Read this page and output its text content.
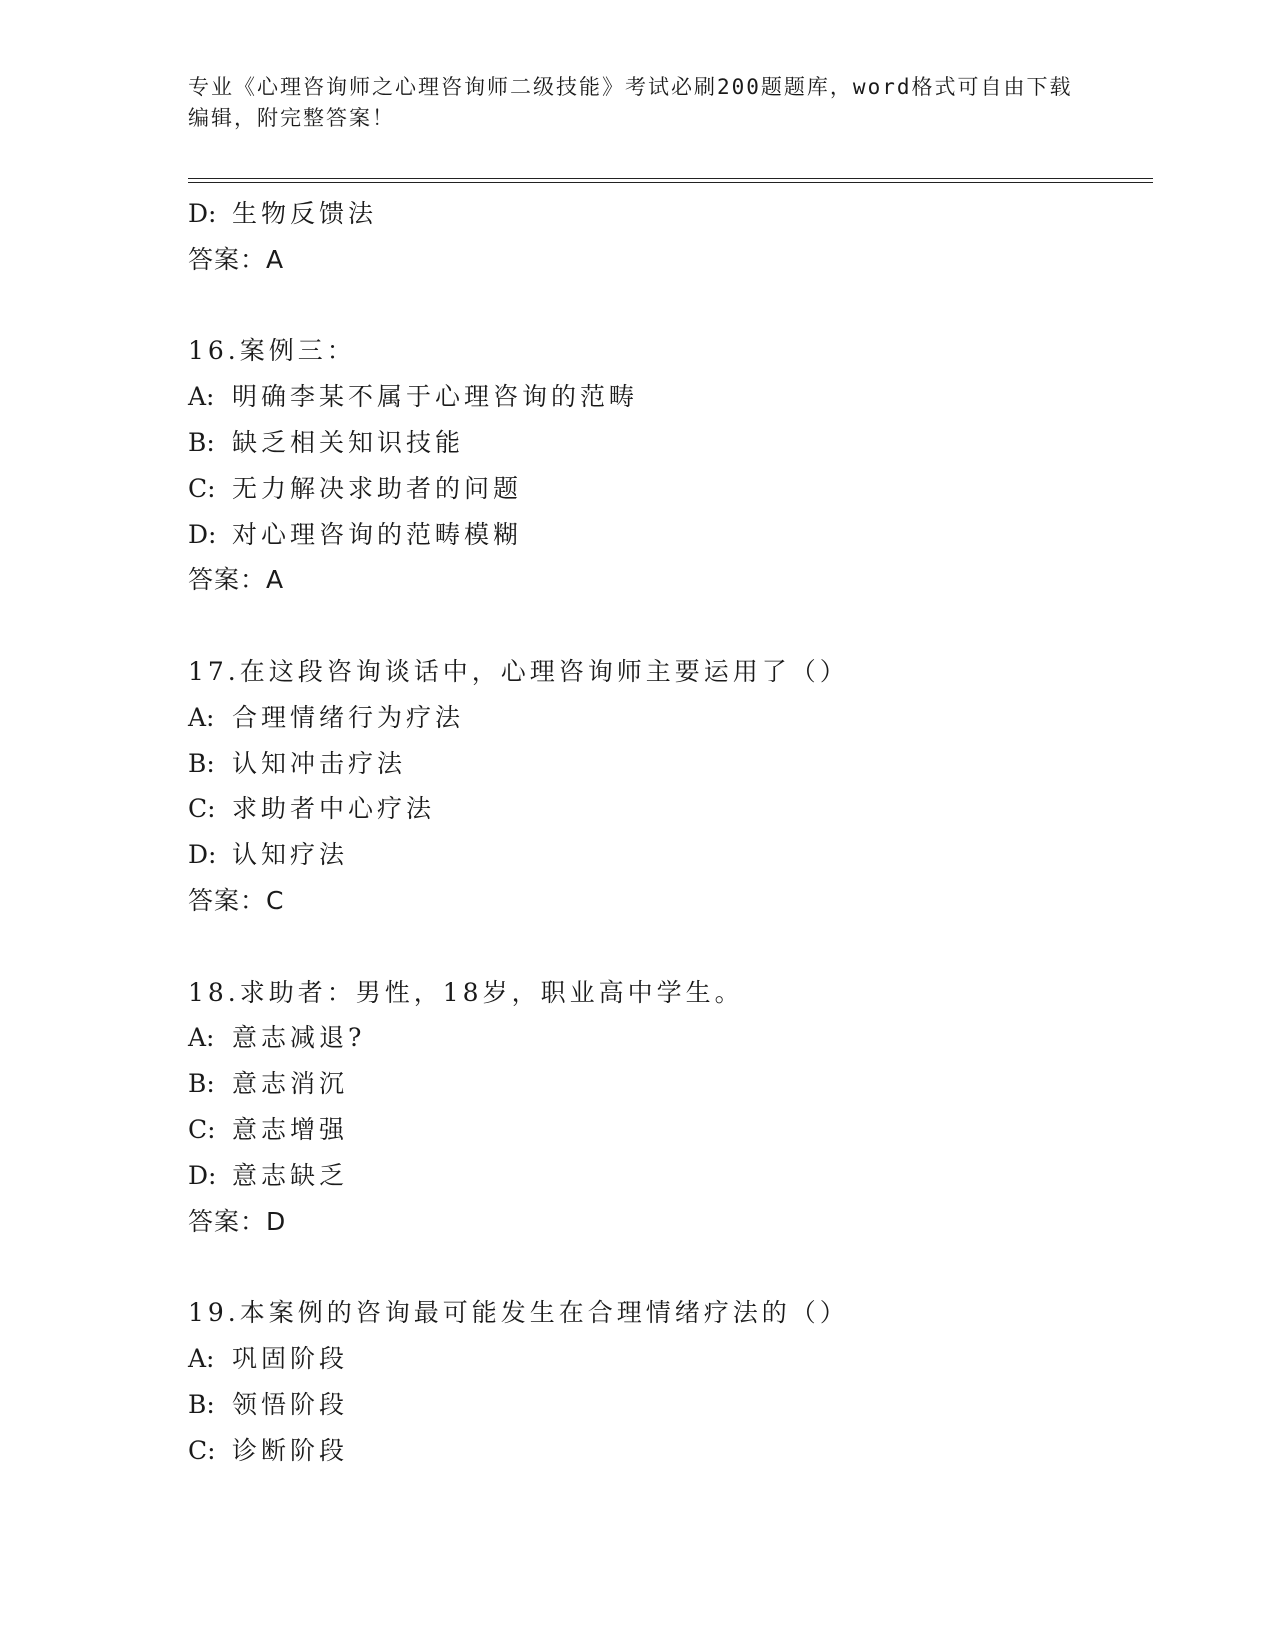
专业《心理咨询师之心理咨询师二级技能》考试必刷200题题库，word格式可自由下载编辑，附完整答案！
D: 生物反馈法
答案：A
16.案例三：
A: 明确李某不属于心理咨询的范畴
B: 缺乏相关知识技能
C: 无力解决求助者的问题
D: 对心理咨询的范畴模糊
答案：A
17.在这段咨询谈话中，心理咨询师主要运用了（）
A: 合理情绪行为疗法
B: 认知冲击疗法
C: 求助者中心疗法
D: 认知疗法
答案：C
18.求助者：男性，18岁，职业高中学生。
A: 意志减退?
B: 意志消沉
C: 意志增强
D: 意志缺乏
答案：D
19.本案例的咨询最可能发生在合理情绪疗法的（）
A: 巩固阶段
B: 领悟阶段
C: 诊断阶段
